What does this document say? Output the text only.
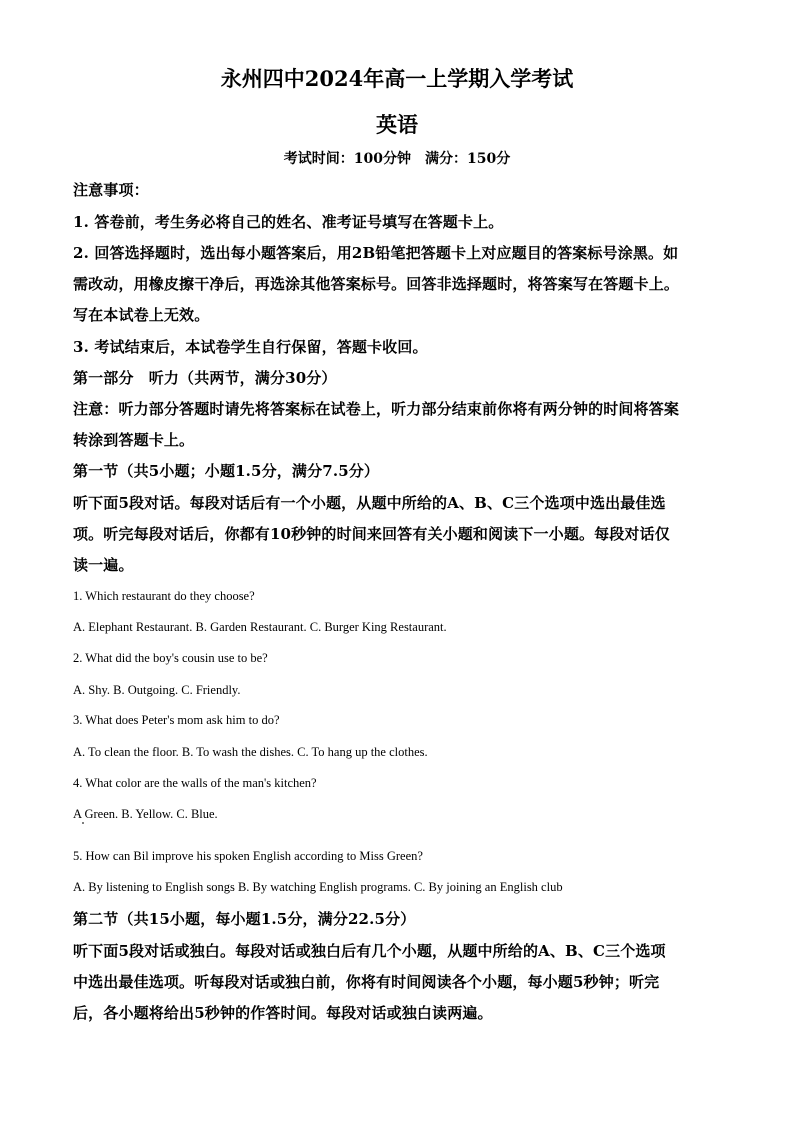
永州四中2024年高一上学期入学考试
英语
考试时间：100分钟　满分：150分
注意事项：
1. 答卷前，考生务必将自己的姓名、准考证号填写在答题卡上。
2. 回答选择题时，选出每小题答案后，用2B铅笔把答题卡上对应题目的答案标号涂黑。如
需改动，用橡皮擦干净后，再选涂其他答案标号。回答非选择题时，将答案写在答题卡上。
写在本试卷上无效。
3. 考试结束后，本试卷学生自行保留，答题卡收回。
第一部分　听力（共两节，满分30分）
注意：听力部分答题时请先将答案标在试卷上，听力部分结束前你将有两分钟的时间将答案
转涂到答题卡上。
第一节（共5小题；小题1.5分，满分7.5分）
听下面5段对话。每段对话后有一个小题，从题中所给的A、B、C三个选项中选出最佳选
项。听完每段对话后，你都有10秒钟的时间来回答有关小题和阅读下一小题。每段对话仅
读一遍。
1. Which restaurant do they choose?
A. Elephant Restaurant. B. Garden Restaurant. C. Burger King Restaurant.
2. What did the boy's cousin use to be?
A. Shy. B. Outgoing. C. Friendly.
3. What does Peter's mom ask him to do?
A. To clean the floor. B. To wash the dishes. C. To hang up the clothes.
4. What color are the walls of the man's kitchen?
A Green. B. Yellow. C. Blue.
5. How can Bil improve his spoken English according to Miss Green?
A. By listening to English songs B. By watching English programs. C. By joining an English club
第二节（共15小题，每小题1.5分，满分22.5分）
听下面5段对话或独白。每段对话或独白后有几个小题，从题中所给的A、B、C三个选项
中选出最佳选项。听每段对话或独白前，你将有时间阅读各个小题，每小题5秒钟；听完
后，各小题将给出5秒钟的作答时间。每段对话或独白读两遍。
